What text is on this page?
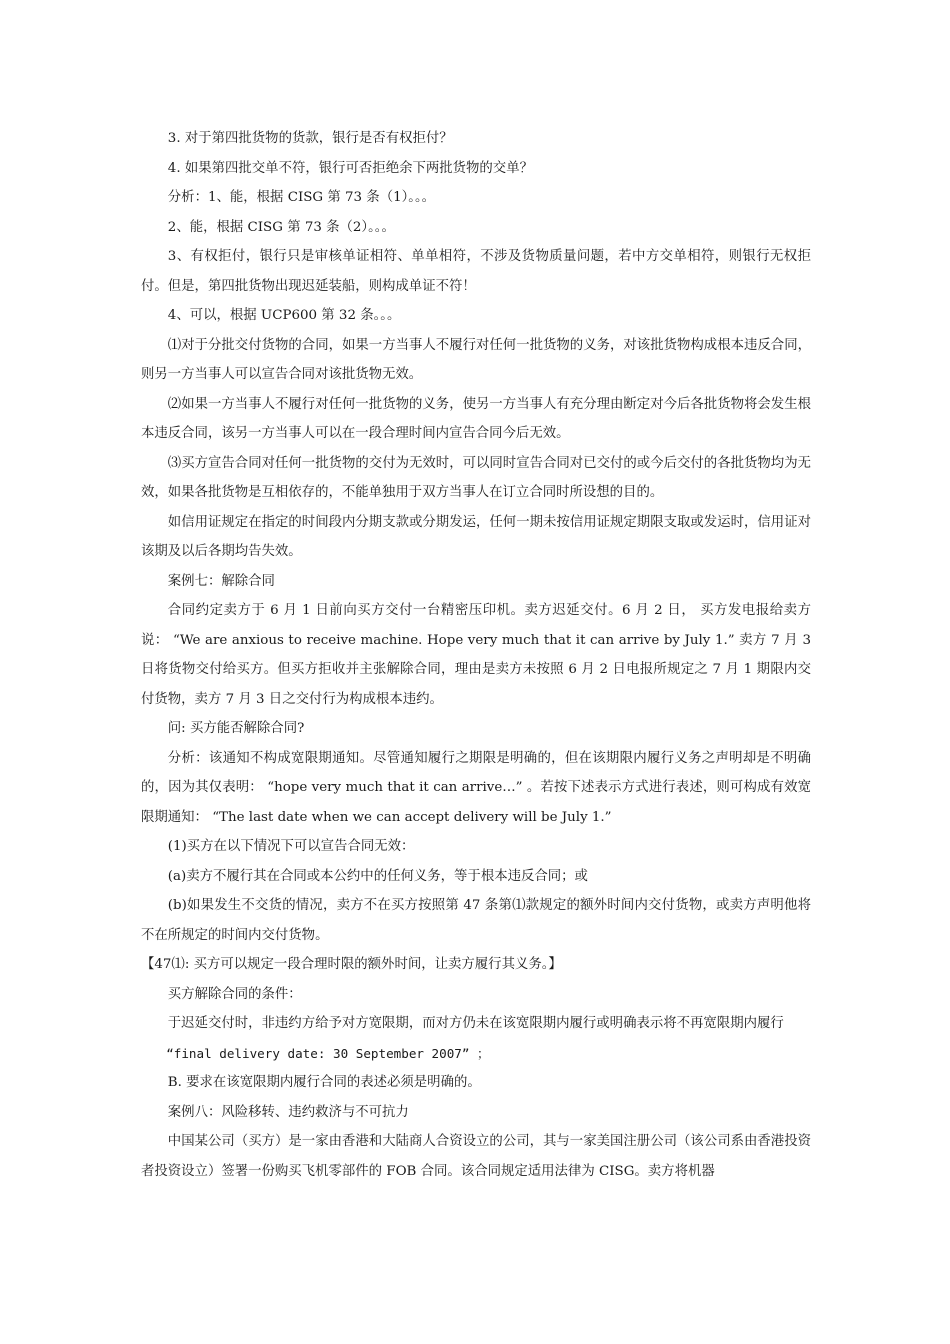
3. 对于第四批货物的货款，银行是否有权拒付？

4. 如果第四批交单不符，银行可否拒绝余下两批货物的交单？

分析：1、能，根据 CISG 第 73 条（1）。。。

2、能，根据 CISG 第 73 条（2）。。。

3、有权拒付，银行只是审核单证相符、单单相符，不涉及货物质量问题，若中方交单相符，则银行无权拒付。但是，第四批货物出现迟延装船，则构成单证不符！

4、可以，根据 UCP600 第 32 条。。。

⑴对于分批交付货物的合同，如果一方当事人不履行对任何一批货物的义务，对该批货物构成根本违反合同，则另一方当事人可以宣告合同对该批货物无效。

⑵如果一方当事人不履行对任何一批货物的义务，使另一方当事人有充分理由断定对今后各批货物将会发生根本违反合同，该另一方当事人可以在一段合理时间内宣告合同今后无效。

⑶买方宣告合同对任何一批货物的交付为无效时，可以同时宣告合同对已交付的或今后交付的各批货物均为无效，如果各批货物是互相依存的，不能单独用于双方当事人在订立合同时所设想的目的。

如信用证规定在指定的时间段内分期支款或分期发运，任何一期未按信用证规定期限支取或发运时，信用证对该期及以后各期均告失效。

案例七：解除合同

合同约定卖方于 6 月 1 日前向买方交付一台精密压印机。卖方迟延交付。6 月 2 日， 买方发电报给卖方说： “We are anxious to receive machine. Hope very much that it can arrive by July 1.” 卖方 7 月 3 日将货物交付给买方。但买方拒收并主张解除合同，理由是卖方未按照 6 月 2 日电报所规定之 7 月 1 期限内交付货物，卖方 7 月 3 日之交付行为构成根本违约。

问: 买方能否解除合同?

分析：该通知不构成宽限期通知。尽管通知履行之期限是明确的，但在该期限内履行义务之声明却是不明确的，因为其仅表明： “hope very much that it can arrive…” 。若按下述表示方式进行表述，则可构成有效宽限期通知： “The last date when we can accept delivery will be July 1.”

(1)买方在以下情况下可以宣告合同无效：

(a)卖方不履行其在合同或本公约中的任何义务，等于根本违反合同；或

(b)如果发生不交货的情况，卖方不在买方按照第 47 条第⑴款规定的额外时间内交付货物，或卖方声明他将不在所规定的时间内交付货物。

【47⑴: 买方可以规定一段合理时限的额外时间，让卖方履行其义务。】

买方解除合同的条件：

于迟延交付时，非违约方给予对方宽限期，而对方仍未在该宽限期内履行或明确表示将不再宽限期内履行

“final delivery date: 30 September 2007” ；

B. 要求在该宽限期内履行合同的表述必须是明确的。

案例八：风险移转、违约救济与不可抗力

中国某公司（买方）是一家由香港和大陆商人合资设立的公司，其与一家美国注册公司（该公司系由香港投资者投资设立）签署一份购买飞机零部件的 FOB 合同。该合同规定适用法律为 CISG。卖方将机器
